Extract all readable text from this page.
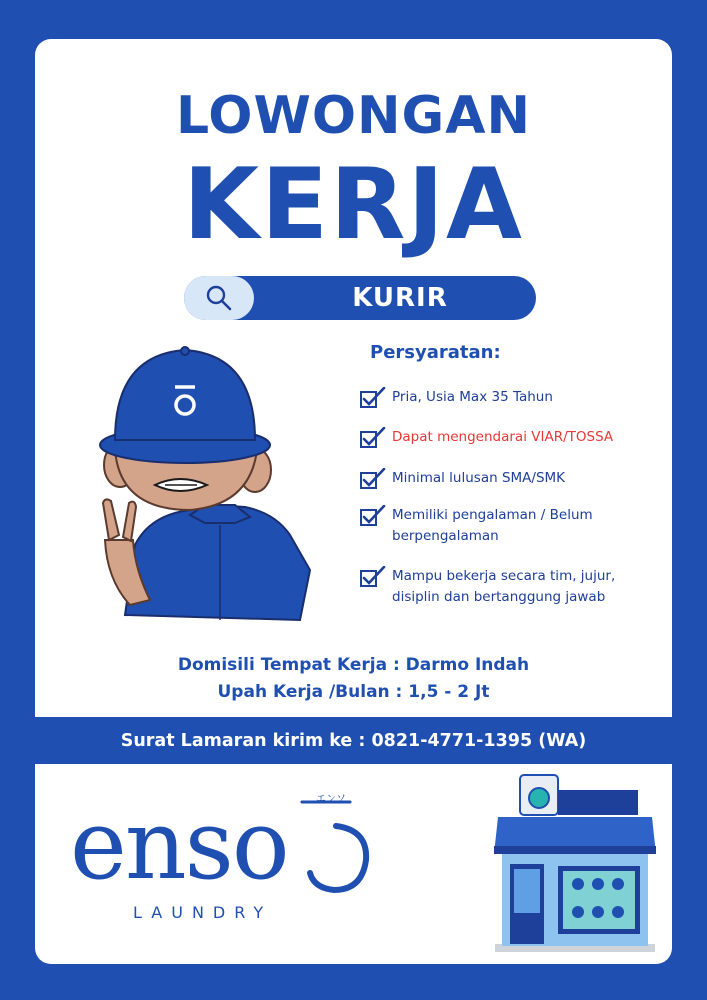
LOWONGAN
KERJA
KURIR
Persyaratan:
Pria, Usia Max 35 Tahun
Dapat mengendarai VIAR/TOSSA
Minimal lulusan SMA/SMK
Memiliki pengalaman / Belum
berpengalaman
Mampu bekerja secara tim, jujur,
disiplin dan bertanggung jawab
Domisili Tempat Kerja : Darmo Indah
Upah Kerja /Bulan : 1,5 - 2 Jt
Surat Lamaran kirim ke : 0821-4771-1395 (WA)
enso	エンソ
LAUNDRY
